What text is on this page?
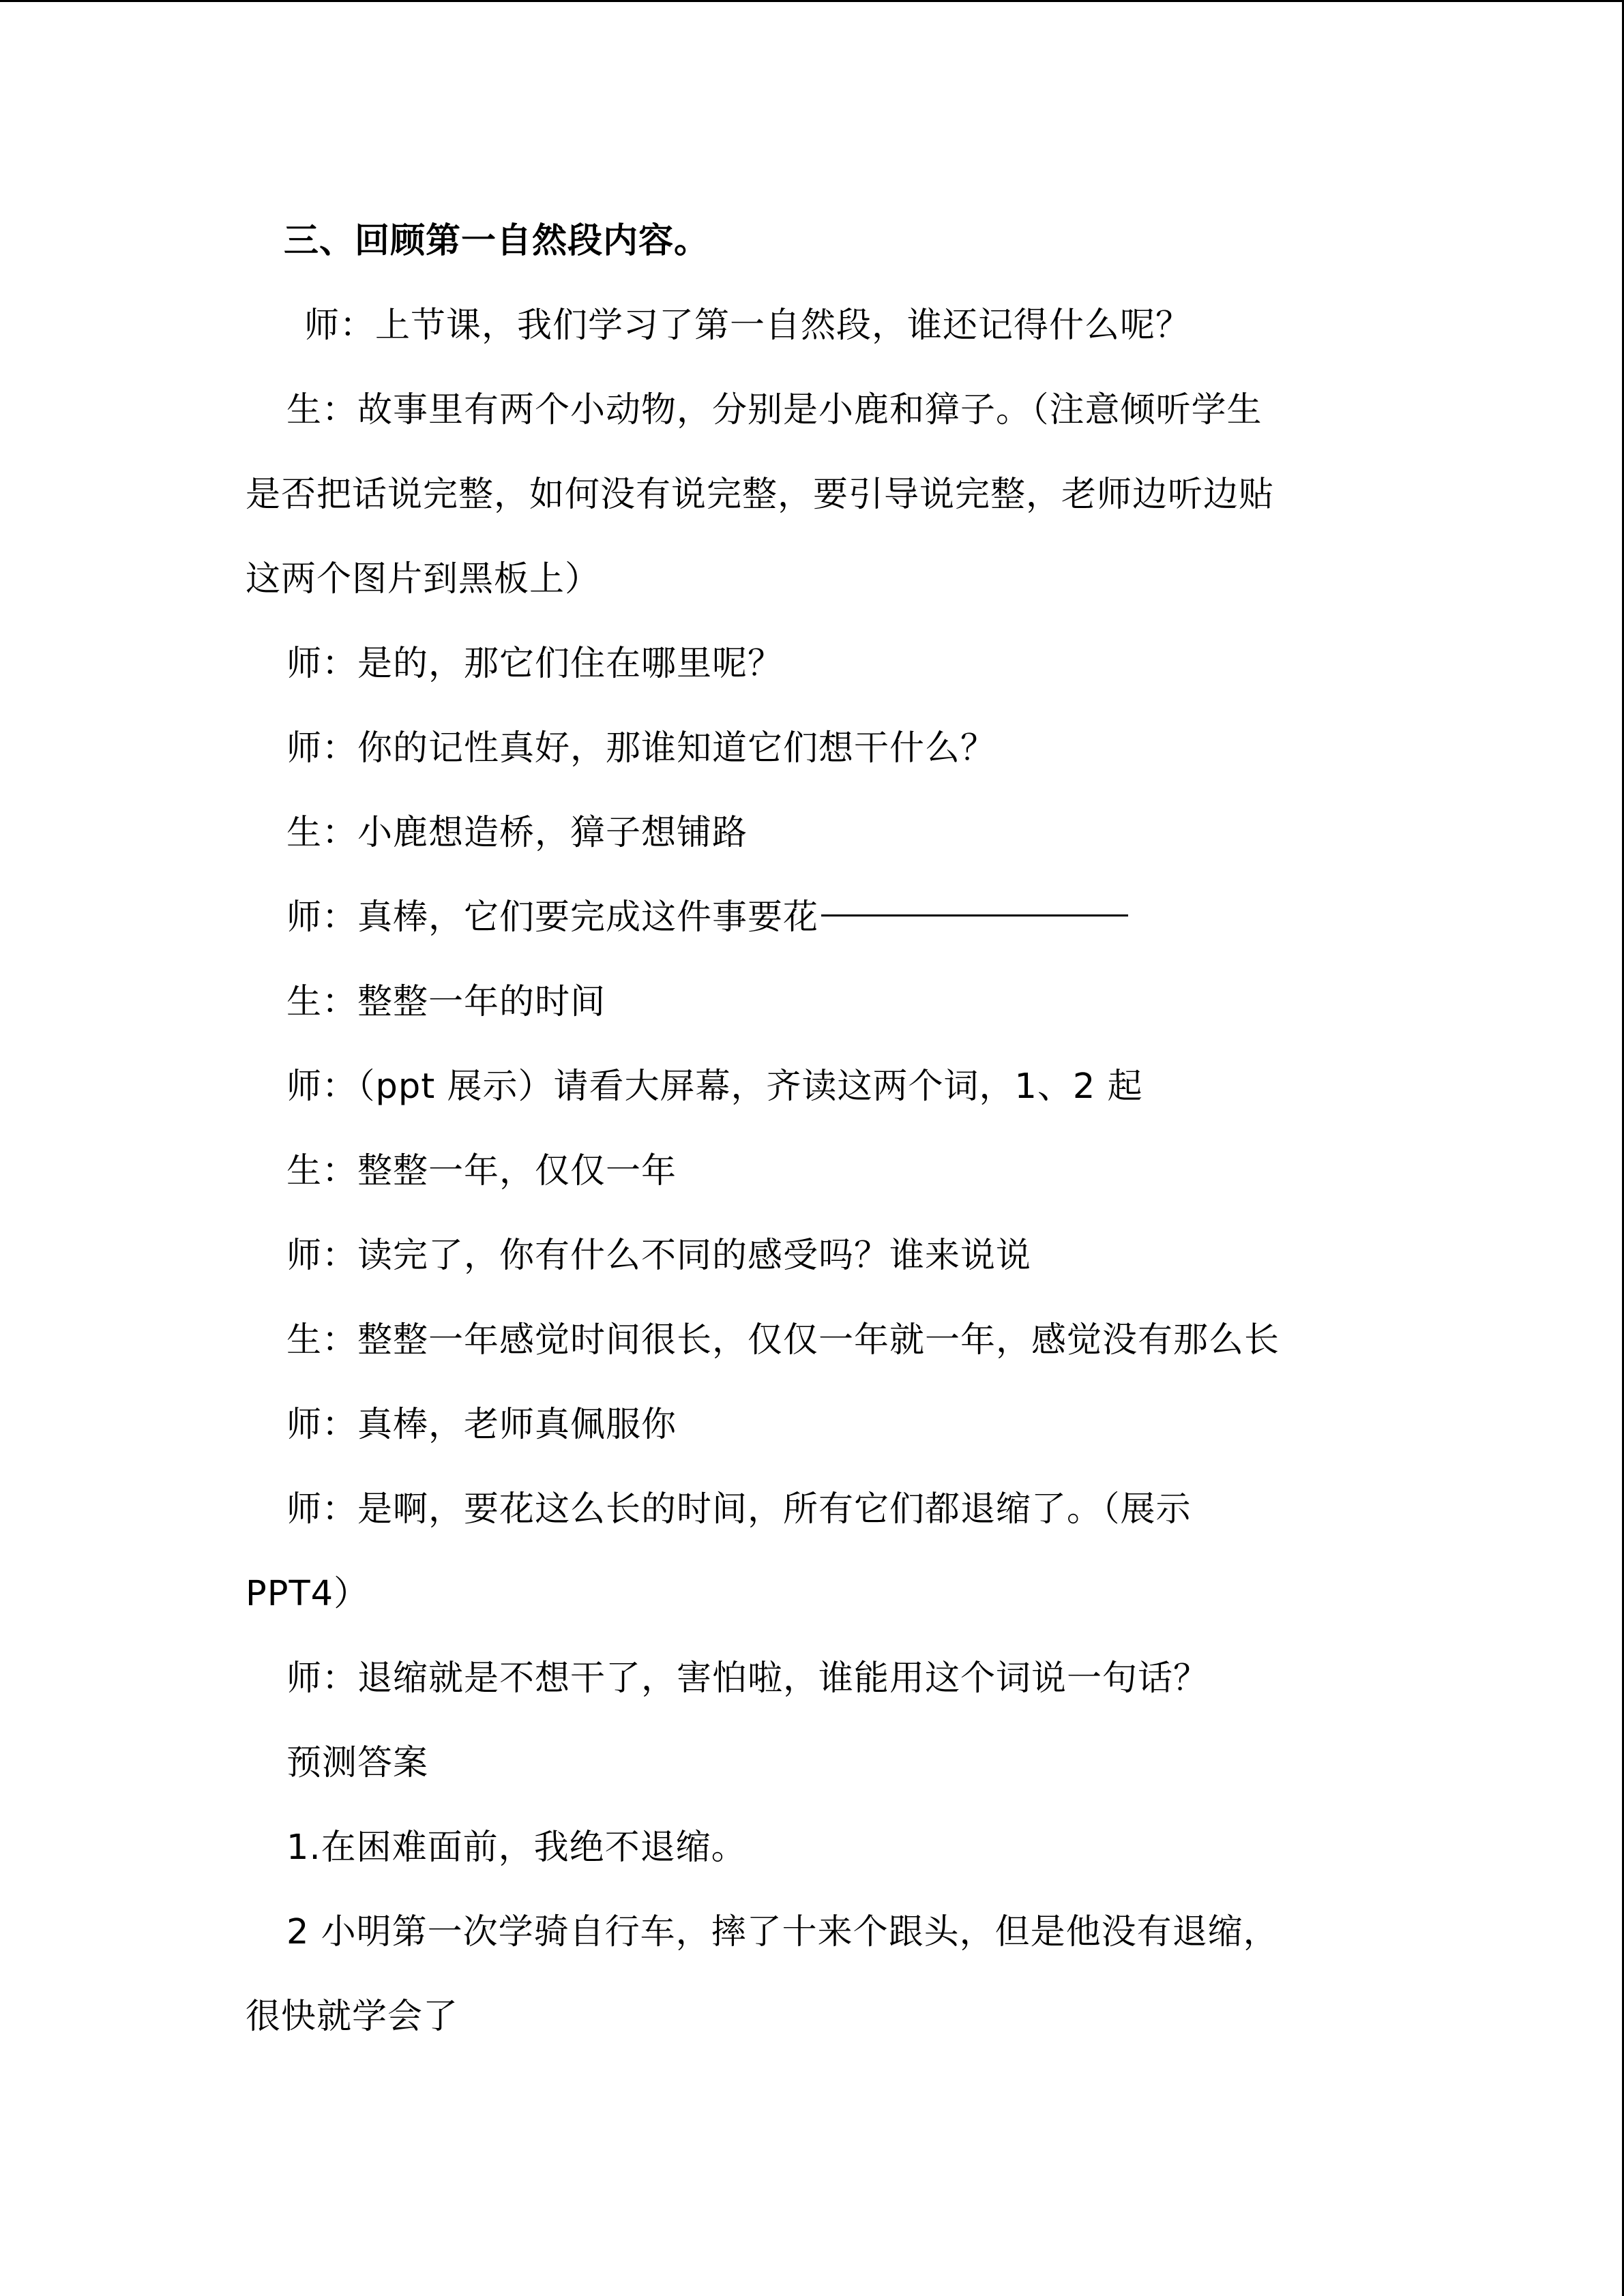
三、回顾第一自然段内容。
师：上节课，我们学习了第一自然段，谁还记得什么呢？
生：故事里有两个小动物，分别是小鹿和獐子。（注意倾听学生
是否把话说完整，如何没有说完整，要引导说完整，老师边听边贴
这两个图片到黑板上）
师：是的，那它们住在哪里呢？
师：你的记性真好，那谁知道它们想干什么？
生：小鹿想造桥，獐子想铺路
师：真棒，它们要完成这件事要花
生：整整一年的时间
师：（ppt 展示）请看大屏幕，齐读这两个词，1、2 起
生：整整一年，仅仅一年
师：读完了，你有什么不同的感受吗？谁来说说
生：整整一年感觉时间很长，仅仅一年就一年，感觉没有那么长
师：真棒，老师真佩服你
师：是啊，要花这么长的时间，所有它们都退缩了。（展示
PPT4）
师：退缩就是不想干了，害怕啦，谁能用这个词说一句话？
预测答案
1.在困难面前，我绝不退缩。
2 小明第一次学骑自行车，摔了十来个跟头，但是他没有退缩，
很快就学会了
